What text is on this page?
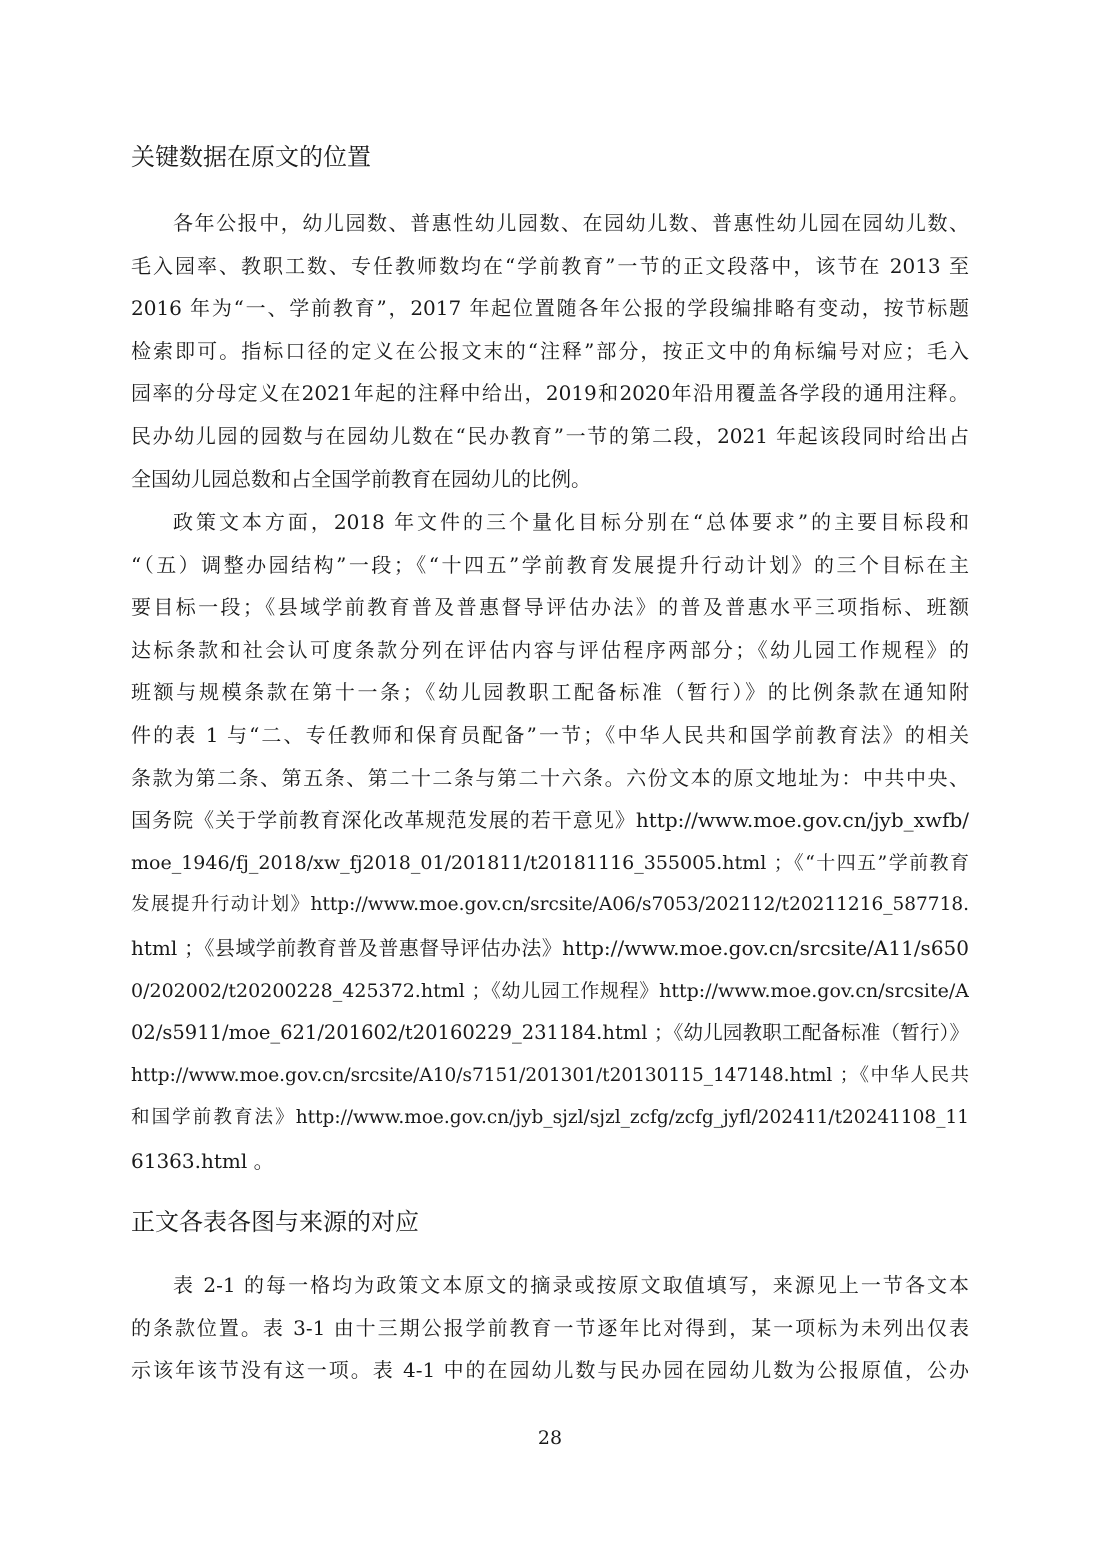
关键数据在原文的位置
各年公报中，幼儿园数、普惠性幼儿园数、在园幼儿数、普惠性幼儿园在园幼儿数、
毛入园率、教职工数、专任教师数均在“学前教育”一节的正文段落中，该节在 2013 至
2016 年为“一、学前教育”，2017 年起位置随各年公报的学段编排略有变动，按节标题
检索即可。指标口径的定义在公报文末的“注释”部分，按正文中的角标编号对应；毛入
园率的分母定义在2021年起的注释中给出，2019和2020年沿用覆盖各学段的通用注释。
民办幼儿园的园数与在园幼儿数在“民办教育”一节的第二段，2021 年起该段同时给出占
全国幼儿园总数和占全国学前教育在园幼儿的比例。
政策文本方面，2018 年文件的三个量化目标分别在“总体要求”的主要目标段和
“（五）调整办园结构”一段；《“十四五”学前教育发展提升行动计划》的三个目标在主
要目标一段；《县域学前教育普及普惠督导评估办法》的普及普惠水平三项指标、班额
达标条款和社会认可度条款分列在评估内容与评估程序两部分；《幼儿园工作规程》的
班额与规模条款在第十一条；《幼儿园教职工配备标准（暂行）》的比例条款在通知附
件的表 1 与“二、专任教师和保育员配备”一节；《中华人民共和国学前教育法》的相关
条款为第二条、第五条、第二十二条与第二十六条。六份文本的原文地址为：中共中央、
国务院《关于学前教育深化改革规范发展的若干意见》http://www.moe.gov.cn/jyb_xwfb/
moe_1946/fj_2018/xw_fj2018_01/201811/t20181116_355005.html ；《“十四五”学前教育
发展提升行动计划》http://www.moe.gov.cn/srcsite/A06/s7053/202112/t20211216_587718.
html ；《县域学前教育普及普惠督导评估办法》http://www.moe.gov.cn/srcsite/A11/s650
0/202002/t20200228_425372.html ；《幼儿园工作规程》http://www.moe.gov.cn/srcsite/A
02/s5911/moe_621/201602/t20160229_231184.html ；《幼儿园教职工配备标准（暂行）》
http://www.moe.gov.cn/srcsite/A10/s7151/201301/t20130115_147148.html ；《中华人民共
和国学前教育法》http://www.moe.gov.cn/jyb_sjzl/sjzl_zcfg/zcfg_jyfl/202411/t20241108_11
61363.html 。
正文各表各图与来源的对应
表 2-1 的每一格均为政策文本原文的摘录或按原文取值填写，来源见上一节各文本
的条款位置。表 3-1 由十三期公报学前教育一节逐年比对得到，某一项标为未列出仅表
示该年该节没有这一项。表 4-1 中的在园幼儿数与民办园在园幼儿数为公报原值，公办
28
